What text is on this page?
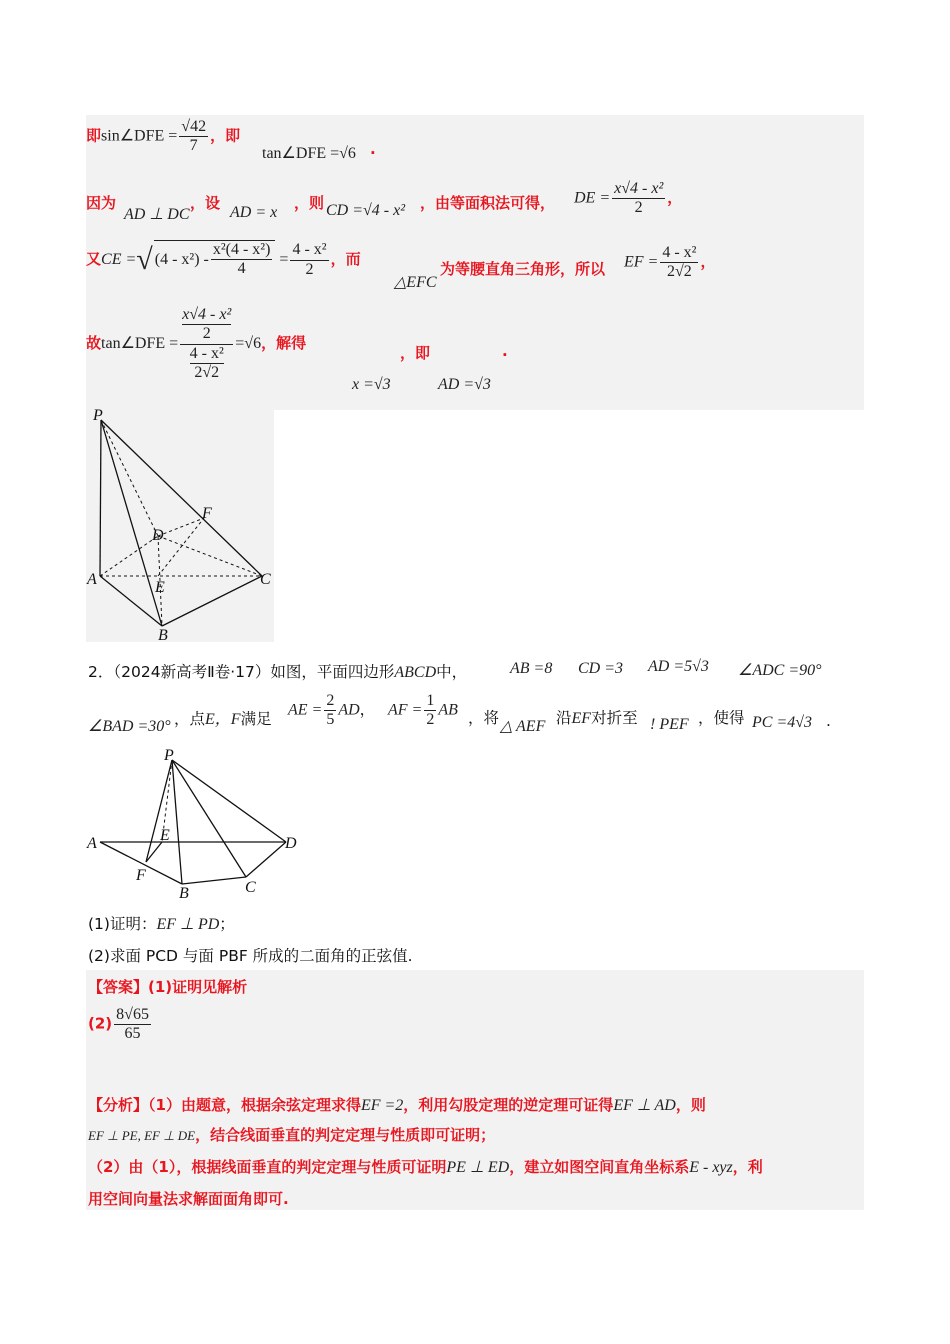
即sin∠DFE = $\frac{√42}{7}$ ，即
tan∠DFE =√6 .
因为
AD ⊥ DC
，设
AD = x
，则 CD =√4 - x² ，由等面积法可得， DE = $\frac{\text{x√4 - x²}}{2}$ ，
又CE =√ $(4 - x^2) - \frac{\text{x²(4 - x²)}}{4} = \frac{\text{4 - x²}}{2}$ ，而
△EFC
为等腰直角三角形，所以 EF = $\frac{\text{4 - x²}}{2√2}$ ，
故tan∠DFE = x√4 - x²
2
4 - x²
2√2 =√6，解得
，即	.
x =√3	AD =√3
P
F
D
A	E	C
B
2．（2024新高考Ⅱ卷·17）如图，平面四边形ABCD中，	AB =8 CD =3 AD =5√3 ∠ADC =90°
∠BAD =30° ，点E，F满足 AE = $\frac{2}{5}$ AD， AF = $\frac{1}{2}$ AB ，将 △ AEF 沿EF对折至 ! PEF ，使得 PC =4√3 .
P
A	E	D
F
B	C
(1)证明：EF ⊥ PD；
(2)求面 PCD 与面 PBF 所成的二面角的正弦值.
【答案】(1)证明见解析
$(2) \frac{8√65}{65}$
【分析】（1）由题意，根据余弦定理求得EF =2，利用勾股定理的逆定理可证得EF ⊥ AD，则
EF ⊥ PE, EF ⊥ DE，结合线面垂直的判定定理与性质即可证明；
（2）由（1），根据线面垂直的判定定理与性质可证明PE ⊥ ED，建立如图空间直角坐标系E - xyz，利
用空间向量法求解面面角即可.
